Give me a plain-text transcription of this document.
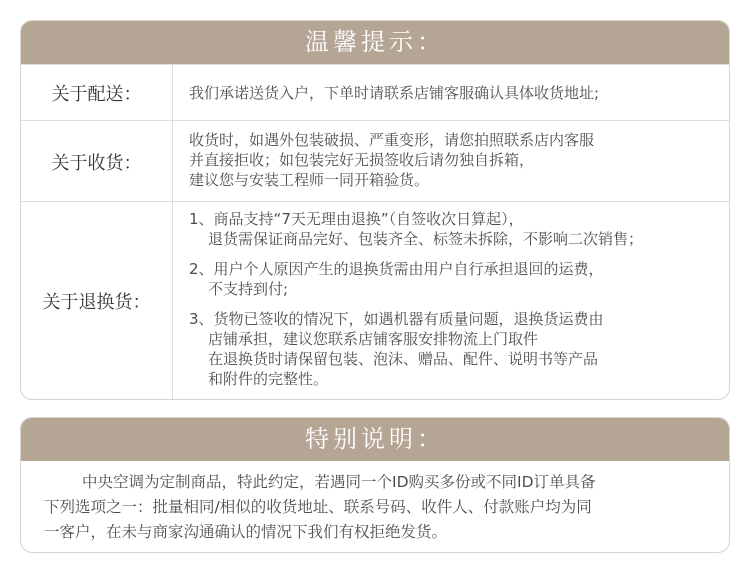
温馨提示：
关于配送：	我们承诺送货入户，下单时请联系店铺客服确认具体收货地址;
关于收货：
收货时，如遇外包装破损、严重变形，请您拍照联系店内客服
并直接拒收；如包装完好无损签收后请勿独自拆箱，
建议您与安装工程师一同开箱验货。
关于退换货：
1、商品支持“7天无理由退换”（自签收次日算起），
退货需保证商品完好、包装齐全、标签未拆除，不影响二次销售；
2、用户个人原因产生的退换货需由用户自行承担退回的运费，
不支持到付;
3、货物已签收的情况下，如遇机器有质量问题，退换货运费由
店铺承担，建议您联系店铺客服安排物流上门取件
在退换货时请保留包装、泡沫、赠品、配件、说明书等产品
和附件的完整性。
特别说明：
中央空调为定制商品，特此约定，若遇同一个ID购买多份或不同ID订单具备
下列选项之一：批量相同/相似的收货地址、联系号码、收件人、付款账户均为同
一客户，在未与商家沟通确认的情况下我们有权拒绝发货。
